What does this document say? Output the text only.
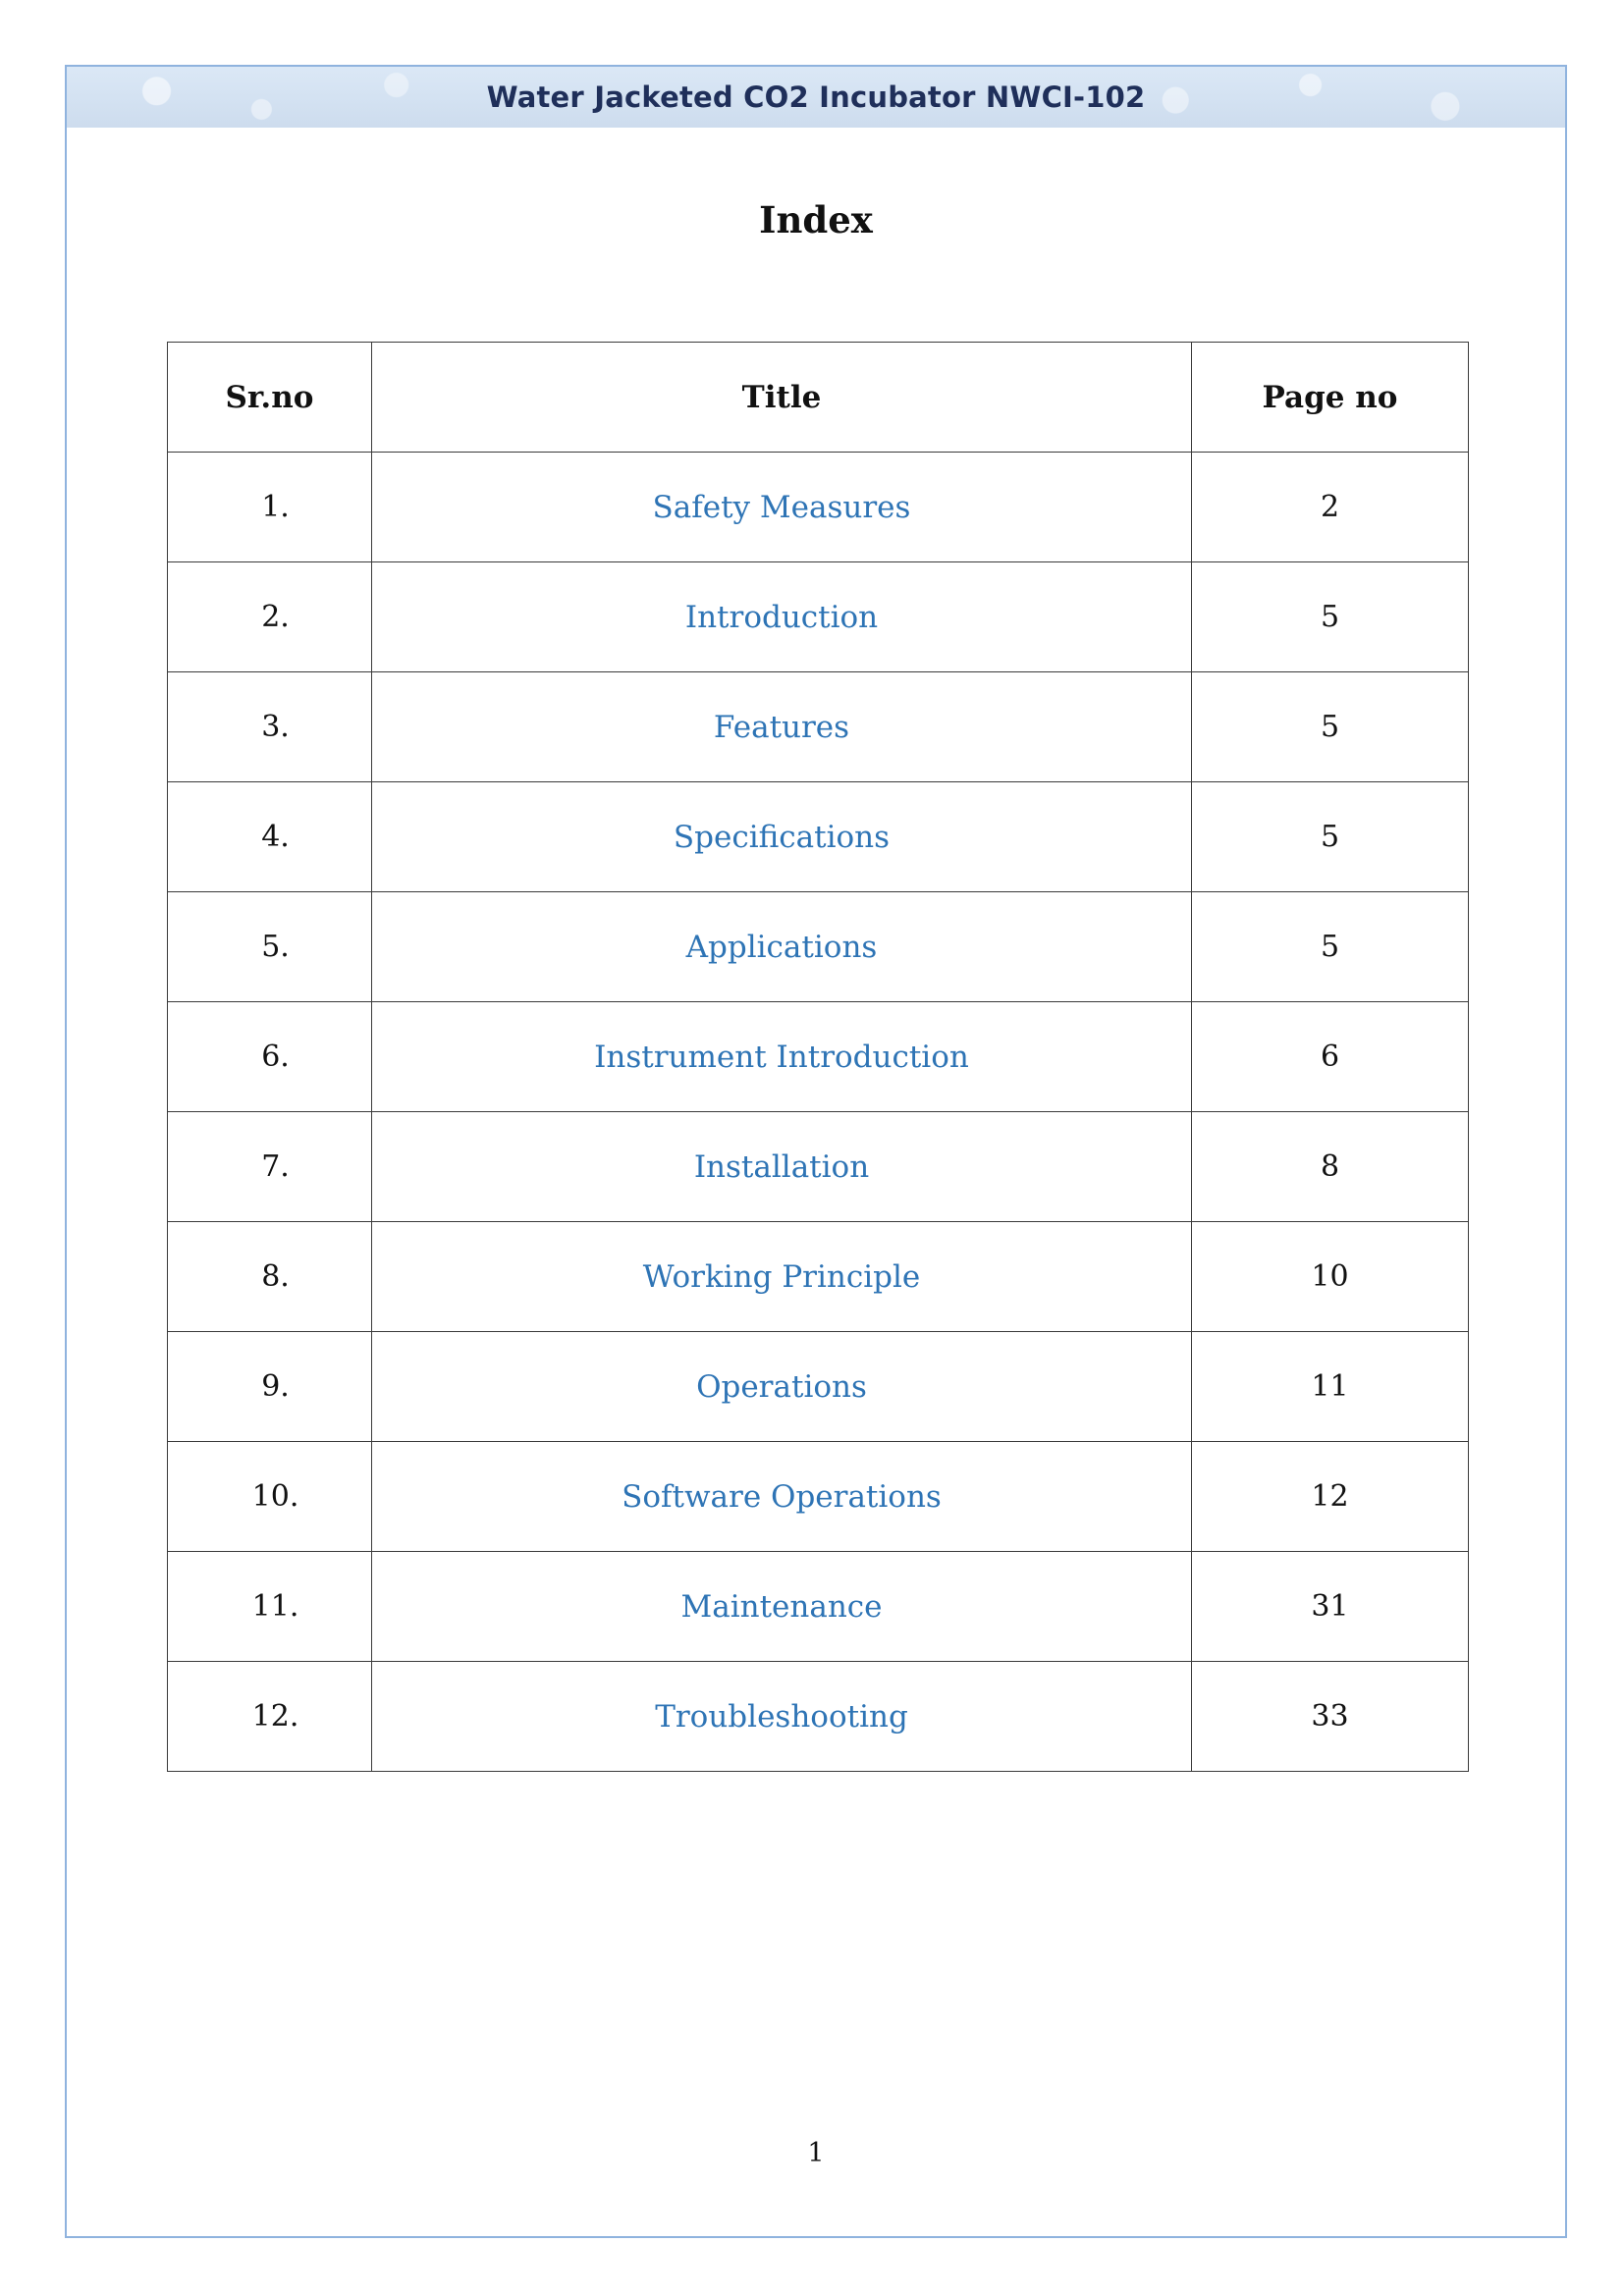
Water Jacketed CO2 Incubator NWCI-102
Index
Sr.no	Title	Page no
1.	Safety Measures	2
2.	Introduction	5
3.	Features	5
4.	Specifications	5
5.	Applications	5
6.	Instrument Introduction	6
7.	Installation	8
8.	Working Principle	10
9.	Operations	11
10.	Software Operations	12
11.	Maintenance	31
12.	Troubleshooting	33
1
